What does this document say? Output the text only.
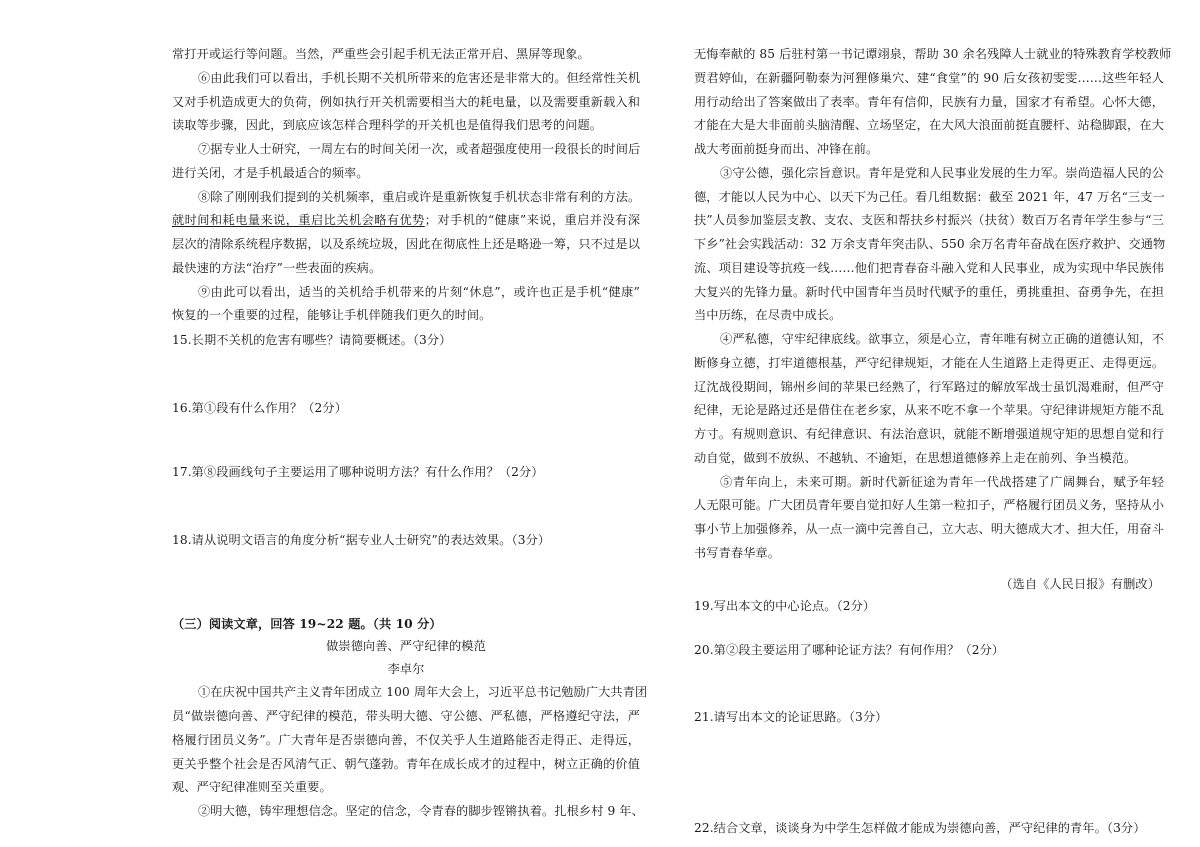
常打开或运行等问题。当然，严重些会引起手机无法正常开启、黑屏等现象。
⑥由此我们可以看出，手机长期不关机所带来的危害还是非常大的。但经常性关机
又对手机造成更大的负荷，例如执行开关机需要相当大的耗电量，以及需要重新载入和
读取等步骤，因此，到底应该怎样合理科学的开关机也是值得我们思考的问题。
⑦据专业人士研究，一周左右的时间关闭一次，或者超强度使用一段很长的时间后
进行关闭，才是手机最适合的频率。
⑧除了刚刚我们提到的关机频率，重启或许是重新恢复手机状态非常有利的方法。
就时间和耗电量来说，重启比关机会略有优势；对手机的“健康”来说，重启并没有深
层次的清除系统程序数据，以及系统垃圾，因此在彻底性上还是略逊一筹，只不过是以
最快速的方法“治疗”一些表面的疾病。
⑨由此可以看出，适当的关机给手机带来的片刻“休息”，或许也正是手机“健康”
恢复的一个重要的过程，能够让手机伴随我们更久的时间。
15.长期不关机的危害有哪些？请简要概述。（3分）
16.第①段有什么作用？（2分）
17.第⑧段画线句子主要运用了哪种说明方法？有什么作用？（2分）
18.请从说明文语言的角度分析“据专业人士研究”的表达效果。（3分）
（三）阅读文章，回答 19~22 题。（共 10 分）
做崇德向善、严守纪律的模范
李卓尔
①在庆祝中国共产主义青年团成立 100 周年大会上，习近平总书记勉励广大共青团
员“做崇德向善、严守纪律的模范，带头明大德、守公德、严私德，严格遵纪守法，严
格履行团员义务”。广大青年是否崇德向善，不仅关乎人生道路能否走得正、走得远，
更关乎整个社会是否风清气正、朝气蓬勃。青年在成长成才的过程中，树立正确的价值
观、严守纪律准则至关重要。
②明大德，铸牢理想信念。坚定的信念，令青春的脚步铿锵执着。扎根乡村 9 年、
无悔奉献的 85 后驻村第一书记谭翊泉，帮助 30 余名残障人士就业的特殊教育学校教师
贾君婷仙，在新疆阿勒泰为河狸修巢穴、建“食堂”的 90 后女孩初雯雯……这些年轻人
用行动给出了答案做出了表率。青年有信仰，民族有力量，国家才有希望。心怀大德，
才能在大是大非面前头脑清醒、立场坚定，在大风大浪面前挺直腰杆、站稳脚跟，在大
战大考面前挺身而出、冲锋在前。
③守公德，强化宗旨意识。青年是党和人民事业发展的生力军。崇尚造福人民的公
德，才能以人民为中心、以天下为己任。看几组数据：截至 2021 年，47 万名“三支一
扶”人员参加鉴层支教、支农、支医和帮扶乡村振兴（扶贫）数百万名青年学生参与“三
下乡”社会实践活动：32 万余支青年突击队、550 余万名青年奋战在医疗救护、交通物
流、项目建设等抗疫一线……他们把青春奋斗融入党和人民事业，成为实现中华民族伟
大复兴的先锋力量。新时代中国青年当员时代赋予的重任，勇挑重担、奋勇争先，在担
当中历练，在尽责中成长。
④严私德，守牢纪律底线。欲事立，须是心立，青年唯有树立正确的道德认知，不
断修身立德，打牢道德根基，严守纪律规矩，才能在人生道路上走得更正、走得更远。
辽沈战役期间，锦州乡间的苹果已经熟了，行军路过的解放军战士虽饥渴难耐，但严守
纪律，无论是路过还是借住在老乡家，从来不吃不拿一个苹果。守纪律讲规矩方能不乱
方寸。有规则意识、有纪律意识、有法治意识，就能不断增强道规守矩的思想自觉和行
动自觉，做到不放纵、不越轨、不逾矩，在思想道德修养上走在前列、争当模范。
⑤青年向上，未来可期。新时代新征途为青年一代战搭建了广阔舞台，赋予年轻
人无限可能。广大团员青年要自觉扣好人生第一粒扣子，严格履行团员义务，坚持从小
事小节上加强修养，从一点一滴中完善自己，立大志、明大德成大才、担大任，用奋斗
书写青春华章。
（选自《人民日报》有删改）
19.写出本文的中心论点。（2分）
20.第②段主要运用了哪种论证方法？有何作用？（2分）
21.请写出本文的论证思路。（3分）
22.结合文章，谈谈身为中学生怎样做才能成为崇德向善，严守纪律的青年。（3分）
